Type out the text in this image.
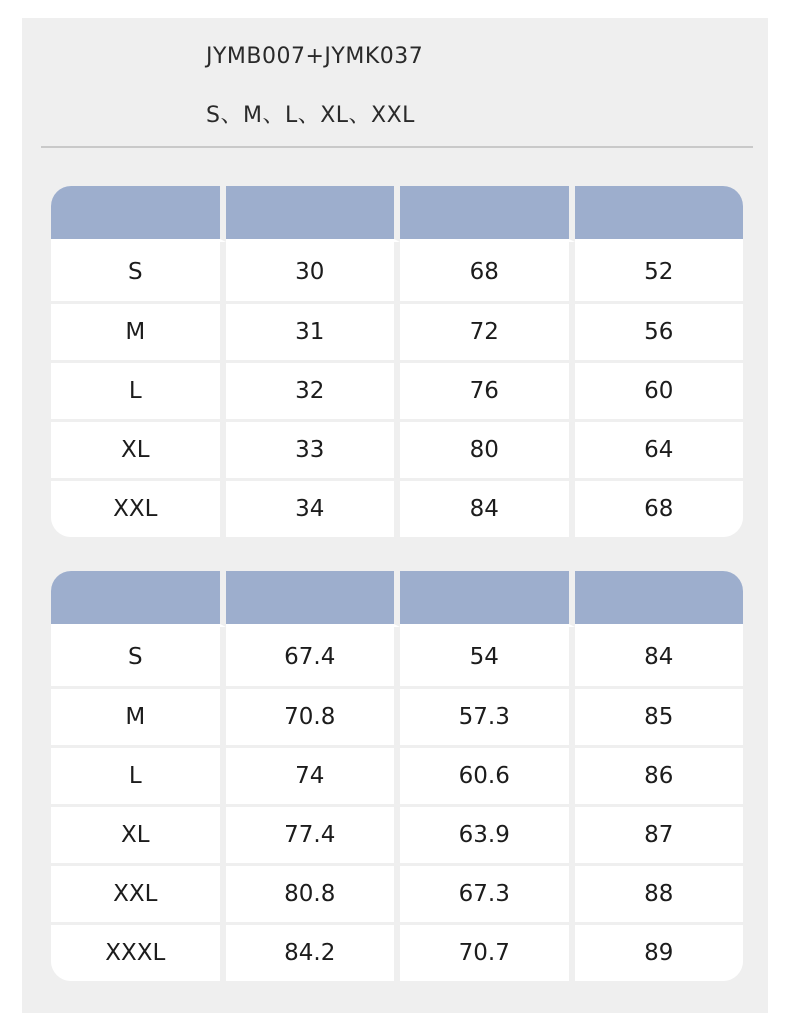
JYMB007+JYMK037
S、M、L、XL、XXL
S	30	68	52
M	31	72	56
L	32	76	60
XL	33	80	64
XXL	34	84	68
S	67.4	54	84
M	70.8	57.3	85
L	74	60.6	86
XL	77.4	63.9	87
XXL	80.8	67.3	88
XXXL	84.2	70.7	89
